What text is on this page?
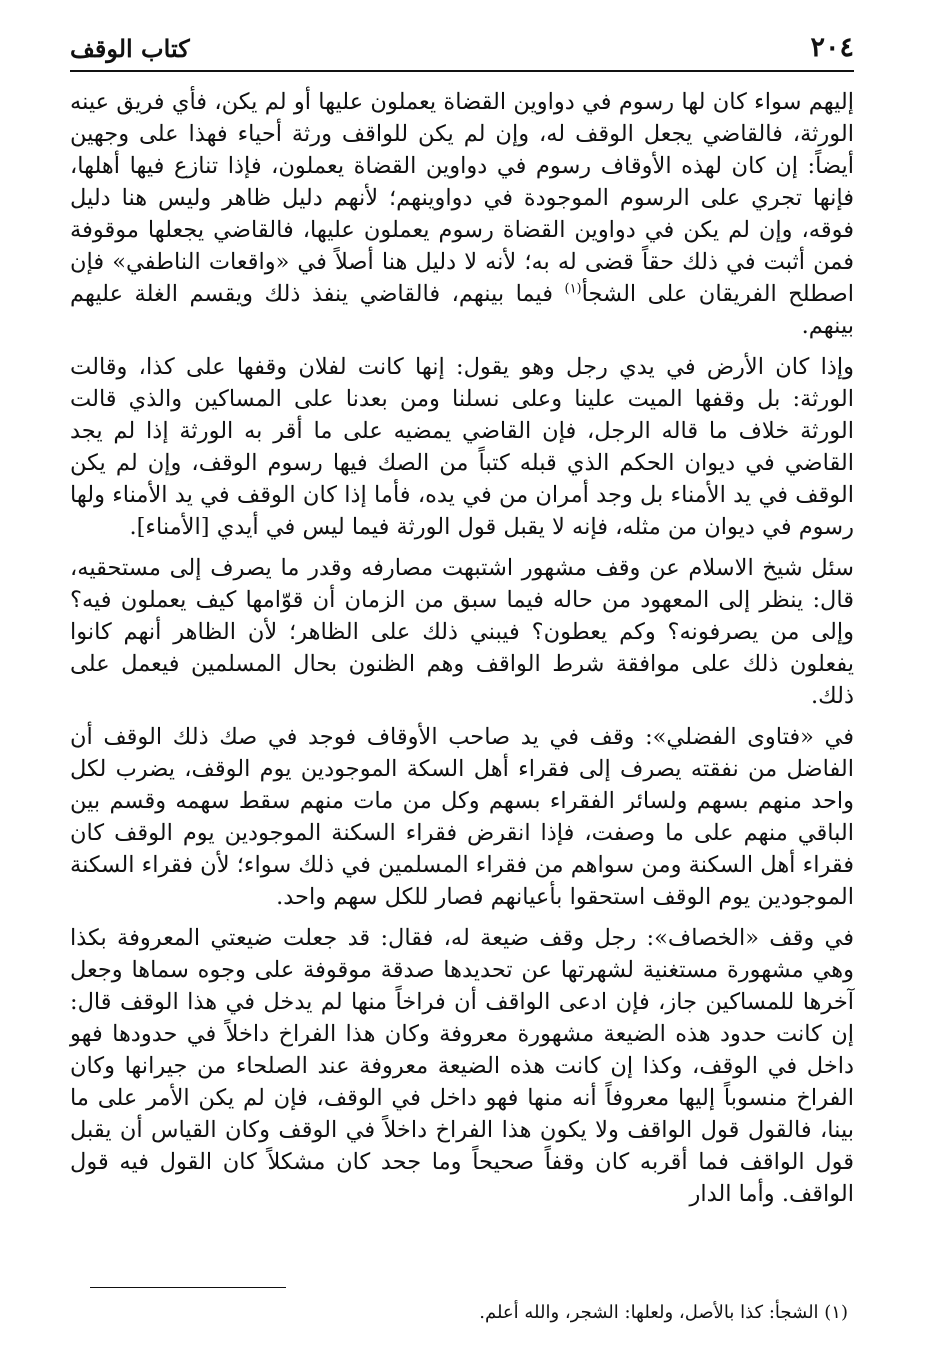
٢٠٤
كتاب الوقف

إليهم سواء كان لها رسوم في دواوين القضاة يعملون عليها أو لم يكن، فأي فريق عينه الورثة، فالقاضي يجعل الوقف له، وإن لم يكن للواقف ورثة أحياء فهذا على وجهين أيضاً: إن كان لهذه الأوقاف رسوم في دواوين القضاة يعملون، فإذا تنازع فيها أهلها، فإنها تجري على الرسوم الموجودة في دواوينهم؛ لأنهم دليل ظاهر وليس هنا دليل فوقه، وإن لم يكن في دواوين القضاة رسوم يعملون عليها، فالقاضي يجعلها موقوفة فمن أثبت في ذلك حقاً قضى له به؛ لأنه لا دليل هنا أصلاً في «واقعات الناطفي» فإن اصطلح الفريقان على الشجأ$^{(١)}$ فيما بينهم، فالقاضي ينفذ ذلك ويقسم الغلة عليهم بينهم.

وإذا كان الأرض في يدي رجل وهو يقول: إنها كانت لفلان وقفها على كذا، وقالت الورثة: بل وقفها الميت علينا وعلى نسلنا ومن بعدنا على المساكين والذي قالت الورثة خلاف ما قاله الرجل، فإن القاضي يمضيه على ما أقر به الورثة إذا لم يجد القاضي في ديوان الحكم الذي قبله كتباً من الصك فيها رسوم الوقف، وإن لم يكن الوقف في يد الأمناء بل وجد أمران من في يده، فأما إذا كان الوقف في يد الأمناء ولها رسوم في ديوان من مثله، فإنه لا يقبل قول الورثة فيما ليس في أيدي [الأمناء].

سئل شيخ الاسلام عن وقف مشهور اشتبهت مصارفه وقدر ما يصرف إلى مستحقيه، قال: ينظر إلى المعهود من حاله فيما سبق من الزمان أن قوّامها كيف يعملون فيه؟ وإلى من يصرفونه؟ وكم يعطون؟ فيبني ذلك على الظاهر؛ لأن الظاهر أنهم كانوا يفعلون ذلك على موافقة شرط الواقف وهم الظنون بحال المسلمين فيعمل على ذلك.

في «فتاوى الفضلي»: وقف في يد صاحب الأوقاف فوجد في صك ذلك الوقف أن الفاضل من نفقته يصرف إلى فقراء أهل السكة الموجودين يوم الوقف، يضرب لكل واحد منهم بسهم ولسائر الفقراء بسهم وكل من مات منهم سقط سهمه وقسم بين الباقي منهم على ما وصفت، فإذا انقرض فقراء السكنة الموجودين يوم الوقف كان فقراء أهل السكنة ومن سواهم من فقراء المسلمين في ذلك سواء؛ لأن فقراء السكنة الموجودين يوم الوقف استحقوا بأعيانهم فصار للكل سهم واحد.

في وقف «الخصاف»: رجل وقف ضيعة له، فقال: قد جعلت ضيعتي المعروفة بكذا وهي مشهورة مستغنية لشهرتها عن تحديدها صدقة موقوفة على وجوه سماها وجعل آخرها للمساكين جاز، فإن ادعى الواقف أن فراخاً منها لم يدخل في هذا الوقف قال: إن كانت حدود هذه الضيعة مشهورة معروفة وكان هذا الفراخ داخلاً في حدودها فهو داخل في الوقف، وكذا إن كانت هذه الضيعة معروفة عند الصلحاء من جيرانها وكان الفراخ منسوباً إليها معروفاً أنه منها فهو داخل في الوقف، فإن لم يكن الأمر على ما بينا، فالقول قول الواقف ولا يكون هذا الفراخ داخلاً في الوقف وكان القياس أن يقبل قول الواقف فما أقربه كان وقفاً صحيحاً وما جحد كان مشكلاً كان القول فيه قول الواقف. وأما الدار

(١) الشجأ: كذا بالأصل، ولعلها: الشجر، والله أعلم.
